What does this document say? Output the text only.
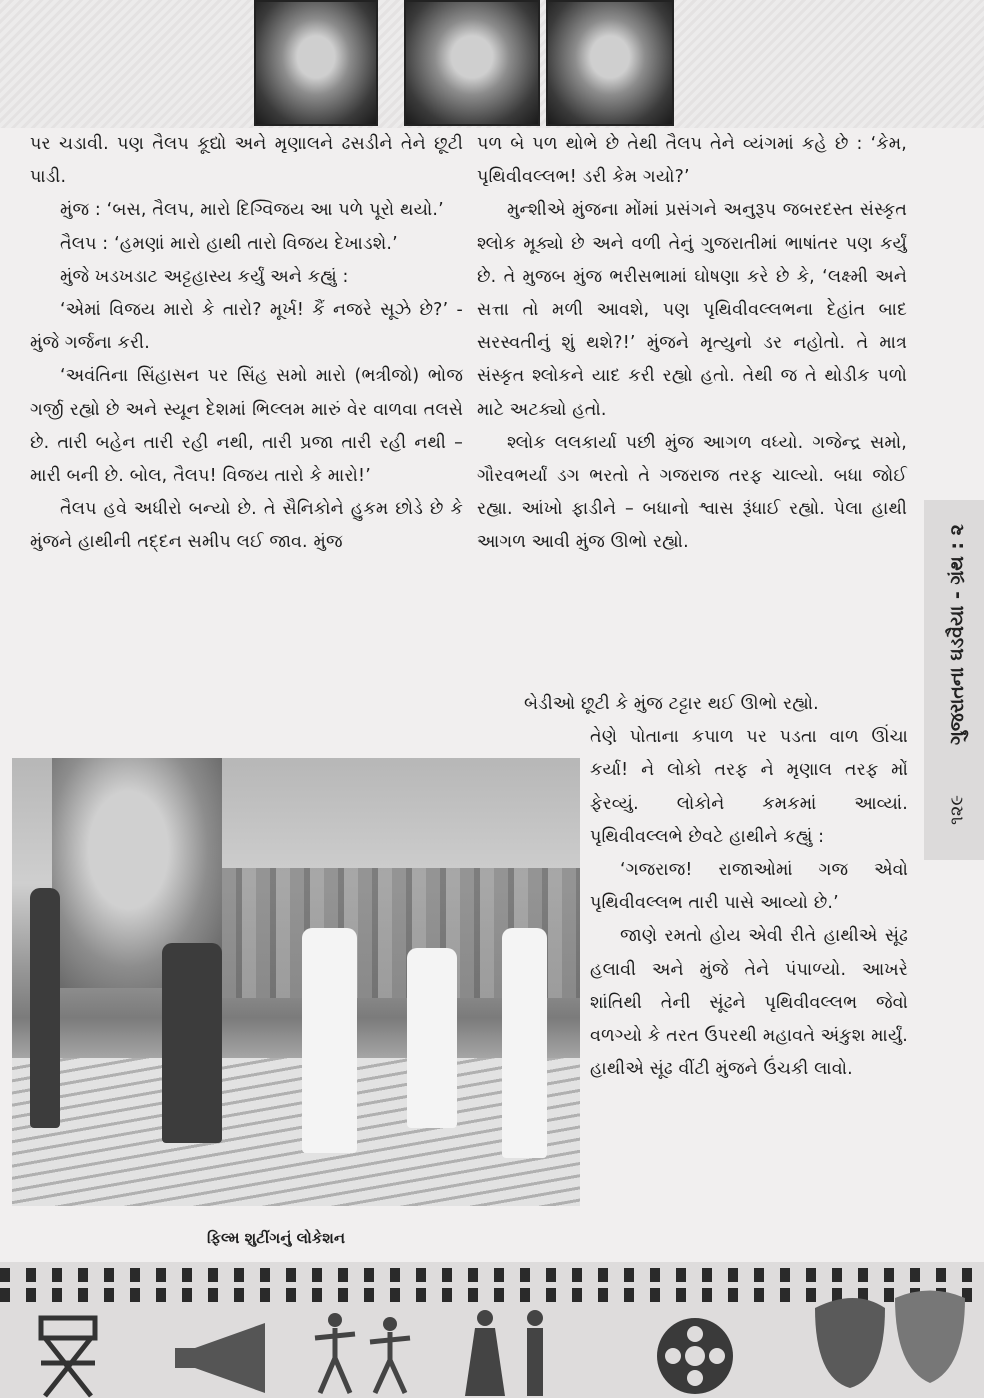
પર ચડાવી. પણ તૈલપ કૂદ્યો અને મૃણાલને ઢસડીને તેને છૂટી પાડી.

મુંજ : ‘બસ, તૈલપ, મારો દિગ્વિજય આ પળે પૂરો થયો.’

તૈલપ : ‘હમણાં મારો હાથી તારો વિજય દેખાડશે.’

મુંજે ખડખડાટ અટ્ટહાસ્ય કર્યું અને કહ્યું :

‘એમાં વિજય મારો કે તારો? મૂર્ખ! કૈં નજરે સૂઝે છે?’ - મુંજે ગર્જના કરી.

‘અવંતિના સિંહાસન પર સિંહ સમો મારો (ભત્રીજો) ભોજ ગર્જી રહ્યો છે અને સ્યૂન દેશમાં ભિલ્લમ મારું વેર વાળવા તલસે છે. તારી બહેન તારી રહી નથી, તારી પ્રજા તારી રહી નથી – મારી બની છે. બોલ, તૈલપ! વિજય તારો કે મારો!’

તૈલપ હવે અધીરો બન્યો છે. તે સૈનિકોને હુકમ છોડે છે કે મુંજને હાથીની તદ્દન સમીપ લઈ જાવ. મુંજ

પળ બે પળ થોભે છે તેથી તૈલપ તેને વ્યંગમાં કહે છે : ‘કેમ, પૃથિવીવલ્લભ! ડરી કેમ ગયો?’

મુન્શીએ મુંજના મોંમાં પ્રસંગને અનુરૂપ જબરદસ્ત સંસ્કૃત શ્લોક મૂક્યો છે અને વળી તેનું ગુજરાતીમાં ભાષાંતર પણ કર્યું છે. તે મુજબ મુંજ ભરીસભામાં ઘોષણા કરે છે કે, ‘લક્ષ્મી અને સત્તા તો મળી આવશે, પણ પૃથિવીવલ્લભના દેહાંત બાદ સરસ્વતીનું શું થશે?!’ મુંજને મૃત્યુનો ડર નહોતો. તે માત્ર સંસ્કૃત શ્લોકને યાદ કરી રહ્યો હતો. તેથી જ તે થોડીક પળો માટે અટક્યો હતો.

શ્લોક લલકાર્યા પછી મુંજ આગળ વધ્યો. ગજેન્દ્ર સમો, ગૌરવભર્યાં ડગ ભરતો તે ગજરાજ તરફ ચાલ્યો. બધા જોઈ રહ્યા. આંખો ફાડીને – બધાનો શ્વાસ રૂંધાઈ રહ્યો. પેલા હાથી આગળ આવી મુંજ ઊભો રહ્યો.

બેડીઓ છૂટી કે મુંજ ટટ્ટાર થઈ ઊભો રહ્યો.

તેણે પોતાના કપાળ પર પડતા વાળ ઊંચા કર્યા! ને લોકો તરફ ને મૃણાલ તરફ મોં ફેરવ્યું. લોકોને કમકમાં આવ્યાં. પૃથિવીવલ્લભે છેવટે હાથીને કહ્યું :

‘ગજરાજ! રાજાઓમાં ગજ એવો પૃથિવીવલ્લભ તારી પાસે આવ્યો છે.’

જાણે રમતો હોય એવી રીતે હાથીએ સૂંઢ હલાવી અને મુંજે તેને પંપાળ્યો. આખરે શાંતિથી તેની સૂંઢને પૃથિવીવલ્લભ જેવો વળગ્યો કે તરત ઉપરથી મહાવતે અંકુશ માર્યું. હાથીએ સૂંઢ વીંટી મુંજને ઉંચકી લાવો.

ગુજરાતના ઘડવૈયા - ગ્રંથ : ૨
૧૨૯
ફિલ્મ શુટીંગનું લોકેશન
